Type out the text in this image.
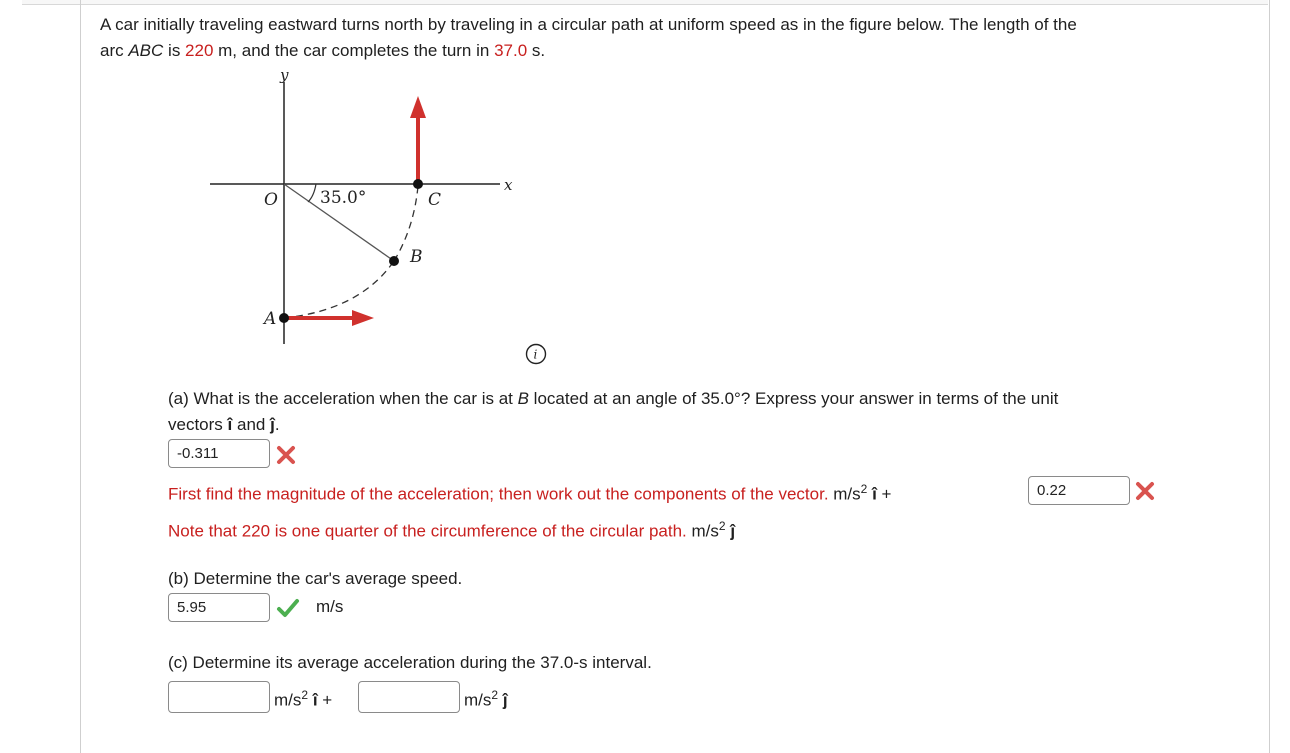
A car initially traveling eastward turns north by traveling in a circular path at uniform speed as in the figure below. The length of the
arc ABC is 220 m, and the car completes the turn in 37.0 s.
y
x
O 35.0°
A
B
C
i
(a) What is the acceleration when the car is at B located at an angle of 35.0°? Express your answer in terms of the unit
vectors î and ĵ.
-0.311
First find the magnitude of the acceleration; then work out the components of the vector. $m/s^2$ î +	0.22
Note that 220 is one quarter of the circumference of the circular path. $m/s^2$ ĵ
(b) Determine the car's average speed.
5.95	m/s
(c) Determine its average acceleration during the 37.0-s interval.
$m/s^2$ î +	$m/s^2$ ĵ
